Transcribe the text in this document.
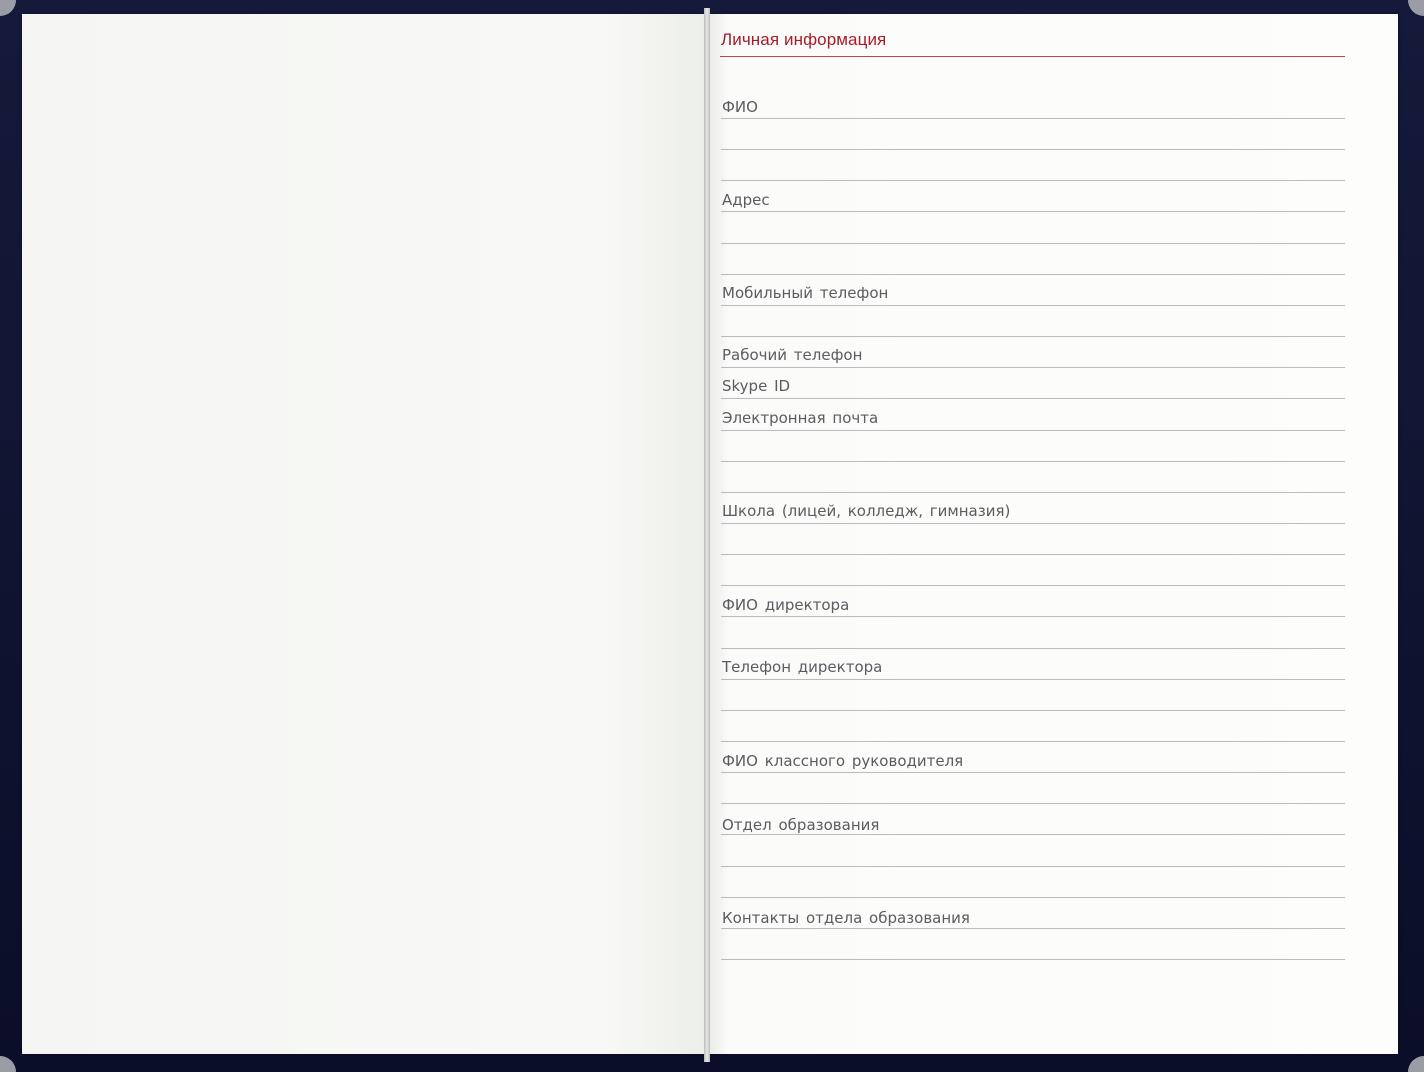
Личная информация
ФИО
Адрес
Мобильный телефон
Рабочий телефон
Skype ID
Электронная почта
Школа (лицей, колледж, гимназия)
ФИО директора
Телефон директора
ФИО классного руководителя
Отдел образования
Контакты отдела образования
